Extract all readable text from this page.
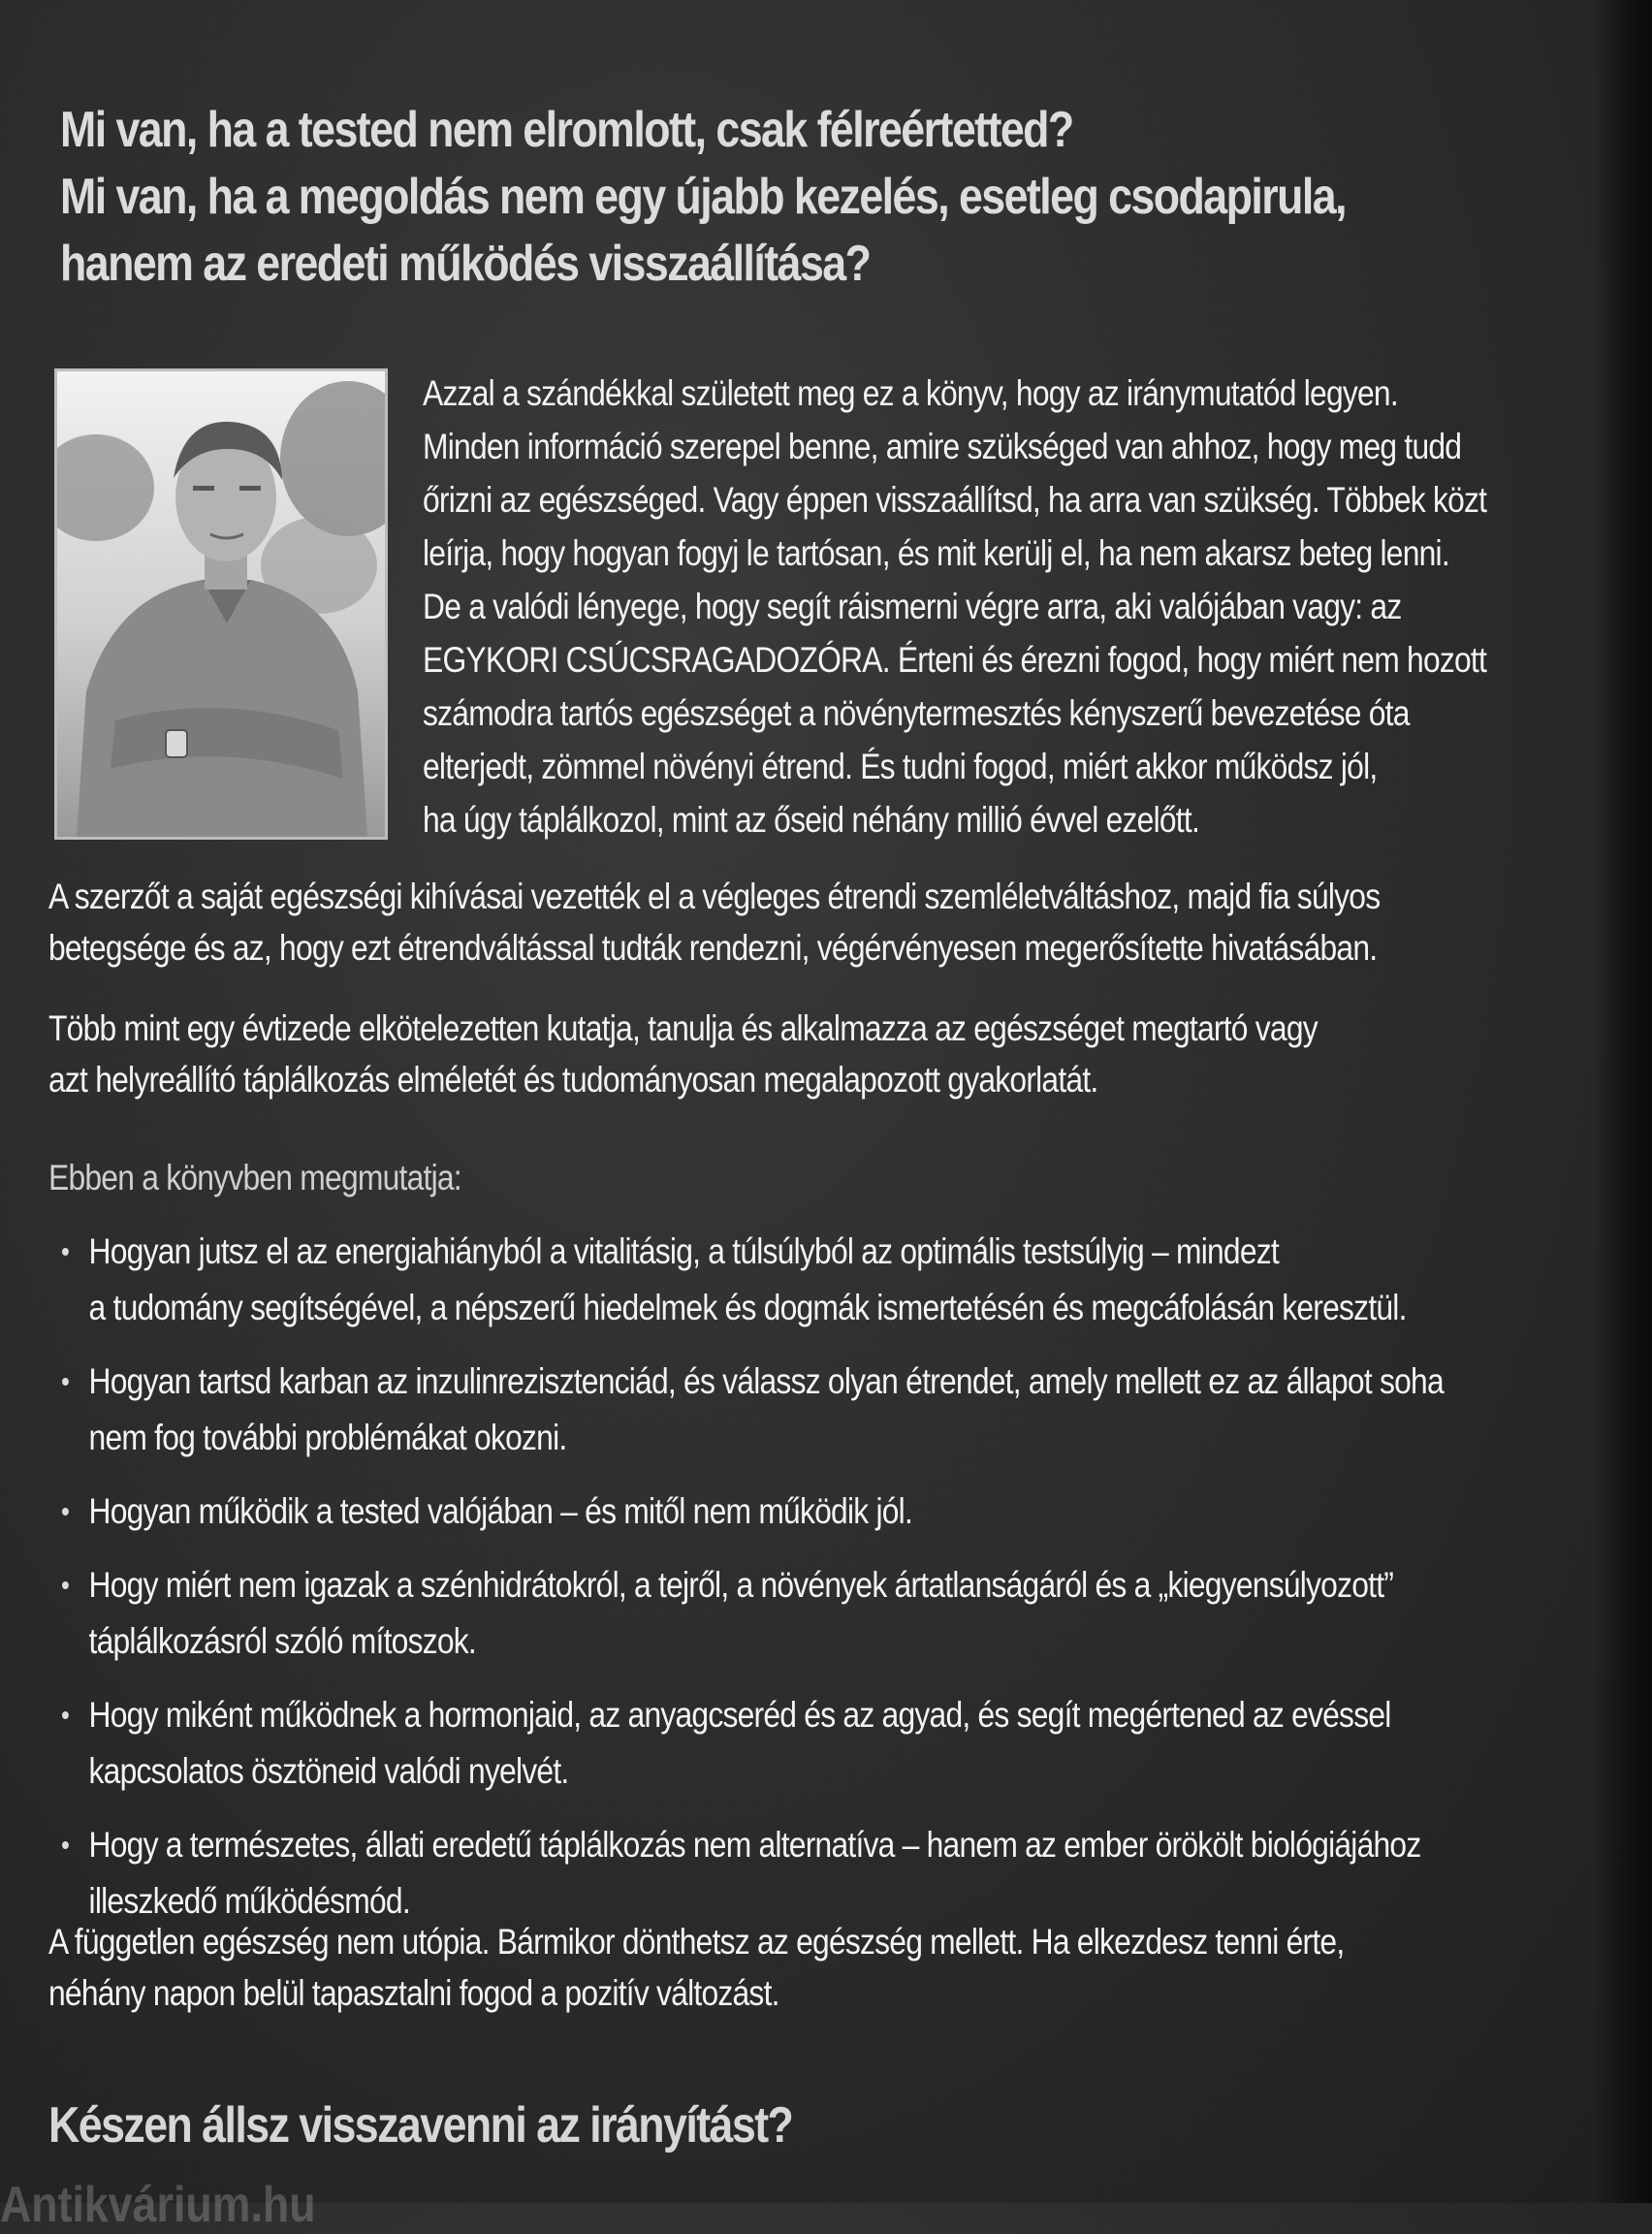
Mi van, ha a tested nem elromlott, csak félreértetted?
Mi van, ha a megoldás nem egy újabb kezelés, esetleg csodapirula,
hanem az eredeti működés visszaállítása?
Azzal a szándékkal született meg ez a könyv, hogy az iránymutatód legyen.
Minden információ szerepel benne, amire szükséged van ahhoz, hogy meg tudd
őrizni az egészséged. Vagy éppen visszaállítsd, ha arra van szükség. Többek közt
leírja, hogy hogyan fogyj le tartósan, és mit kerülj el, ha nem akarsz beteg lenni.
De a valódi lényege, hogy segít ráismerni végre arra, aki valójában vagy: az
EGYKORI CSÚCSRAGADOZÓRA. Érteni és érezni fogod, hogy miért nem hozott
számodra tartós egészséget a növénytermesztés kényszerű bevezetése óta
elterjedt, zömmel növényi étrend. És tudni fogod, miért akkor működsz jól,
ha úgy táplálkozol, mint az őseid néhány millió évvel ezelőtt.
A szerzőt a saját egészségi kihívásai vezették el a végleges étrendi szemléletváltáshoz, majd fia súlyos
betegsége és az, hogy ezt étrendváltással tudták rendezni, végérvényesen megerősítette hivatásában.
Több mint egy évtizede elkötelezetten kutatja, tanulja és alkalmazza az egészséget megtartó vagy
azt helyreállító táplálkozás elméletét és tudományosan megalapozott gyakorlatát.
Ebben a könyvben megmutatja:
Hogyan jutsz el az energiahiányból a vitalitásig, a túlsúlyból az optimális testsúlyig – mindezt
a tudomány segítségével, a népszerű hiedelmek és dogmák ismertetésén és megcáfolásán keresztül.
Hogyan tartsd karban az inzulinrezisztenciád, és válassz olyan étrendet, amely mellett ez az állapot soha
nem fog további problémákat okozni.
Hogyan működik a tested valójában – és mitől nem működik jól.
Hogy miért nem igazak a szénhidrátokról, a tejről, a növények ártatlanságáról és a „kiegyensúlyozott”
táplálkozásról szóló mítoszok.
Hogy miként működnek a hormonjaid, az anyagcseréd és az agyad, és segít megértened az evéssel
kapcsolatos ösztöneid valódi nyelvét.
Hogy a természetes, állati eredetű táplálkozás nem alternatíva – hanem az ember örökölt biológiájához
illeszkedő működésmód.
A független egészség nem utópia. Bármikor dönthetsz az egészség mellett. Ha elkezdesz tenni érte,
néhány napon belül tapasztalni fogod a pozitív változást.
Készen állsz visszavenni az irányítást?
Antikvárium.hu
